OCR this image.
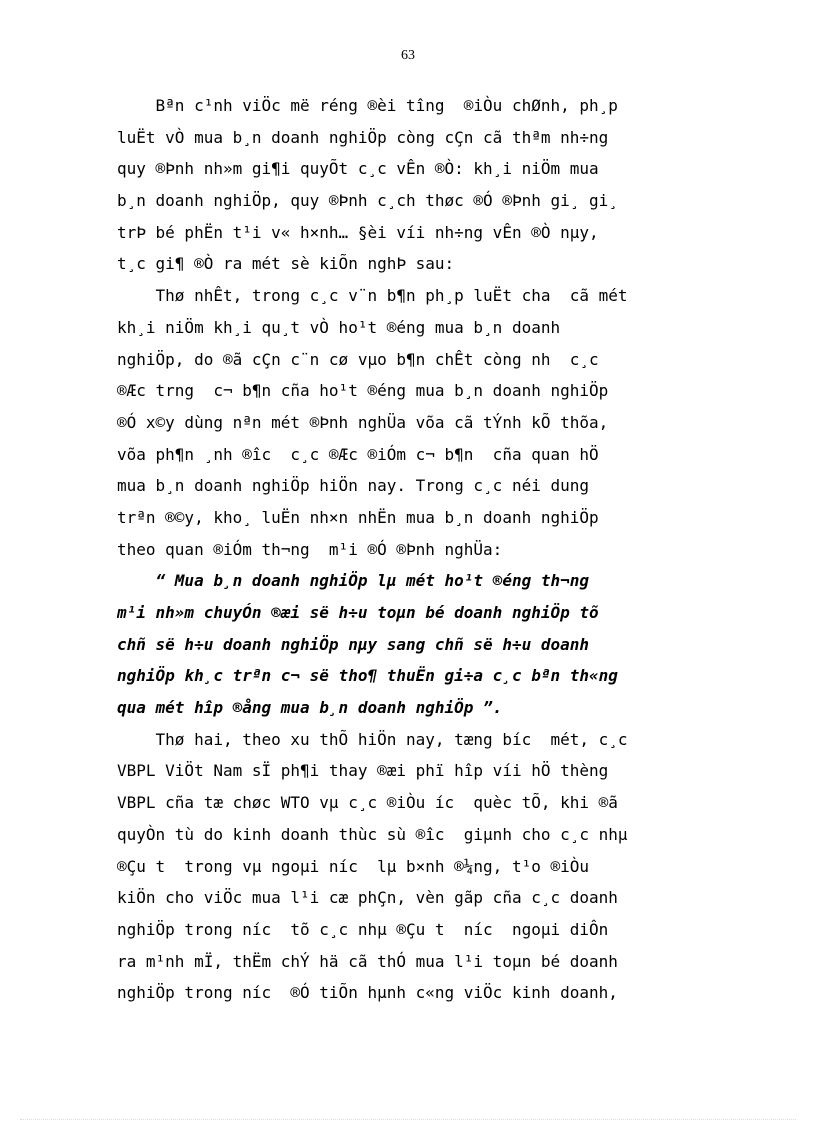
63
Bªn c¹nh viÖc më réng ®èi tîng  ®iÒu chØnh, ph¸p
luËt vÒ mua b¸n doanh nghiÖp còng cÇn cã thªm nh÷ng
quy ®Þnh nh»m gi¶i quyÕt c¸c vÊn ®Ò: kh¸i niÖm mua
b¸n doanh nghiÖp, quy ®Þnh c¸ch thøc ®Ó ®Þnh gi¸ gi¸
trÞ bé phËn t¹i v« h×nh… §èi víi nh÷ng vÊn ®Ò nµy,
t¸c gi¶ ®Ò ra mét sè kiÕn nghÞ sau:
Thø nhÊt, trong c¸c v¨n b¶n ph¸p luËt cha  cã mét
kh¸i niÖm kh¸i qu¸t vÒ ho¹t ®éng mua b¸n doanh
nghiÖp, do ®ã cÇn c¨n cø vµo b¶n chÊt còng nh  c¸c
®Æc trng  c¬ b¶n cña ho¹t ®éng mua b¸n doanh nghiÖp
®Ó x©y dùng nªn mét ®Þnh nghÜa võa cã tÝnh kÕ thõa,
võa ph¶n ¸nh ®îc  c¸c ®Æc ®iÓm c¬ b¶n  cña quan hÖ
mua b¸n doanh nghiÖp hiÖn nay. Trong c¸c néi dung
trªn ®©y, kho¸ luËn nh×n nhËn mua b¸n doanh nghiÖp
theo quan ®iÓm th¬ng  m¹i ®Ó ®Þnh nghÜa:
“ Mua b¸n doanh nghiÖp lµ mét ho¹t ®éng th¬ng
m¹i nh»m chuyÓn ®æi së h÷u toµn bé doanh nghiÖp tõ
chñ së h÷u doanh nghiÖp nµy sang chñ së h÷u doanh
nghiÖp kh¸c trªn c¬ së tho¶ thuËn gi÷a c¸c bªn th«ng
qua mét hîp ®ång mua b¸n doanh nghiÖp ”.
Thø hai, theo xu thÕ hiÖn nay, tæng bíc  mét, c¸c
VBPL ViÖt Nam sÏ ph¶i thay ®æi phï hîp víi hÖ thèng
VBPL cña tæ chøc WTO vµ c¸c ®iÒu íc  quèc tÕ, khi ®ã
quyÒn tù do kinh doanh thùc sù ®îc  giµnh cho c¸c nhµ
®Çu t  trong vµ ngoµi níc  lµ b×nh ®¼ng, t¹o ®iÒu
kiÖn cho viÖc mua l¹i cæ phÇn, vèn gãp cña c¸c doanh
nghiÖp trong níc  tõ c¸c nhµ ®Çu t  níc  ngoµi diÔn
ra m¹nh mÏ, thËm chÝ hä cã thÓ mua l¹i toµn bé doanh
nghiÖp trong níc  ®Ó tiÕn hµnh c«ng viÖc kinh doanh,
